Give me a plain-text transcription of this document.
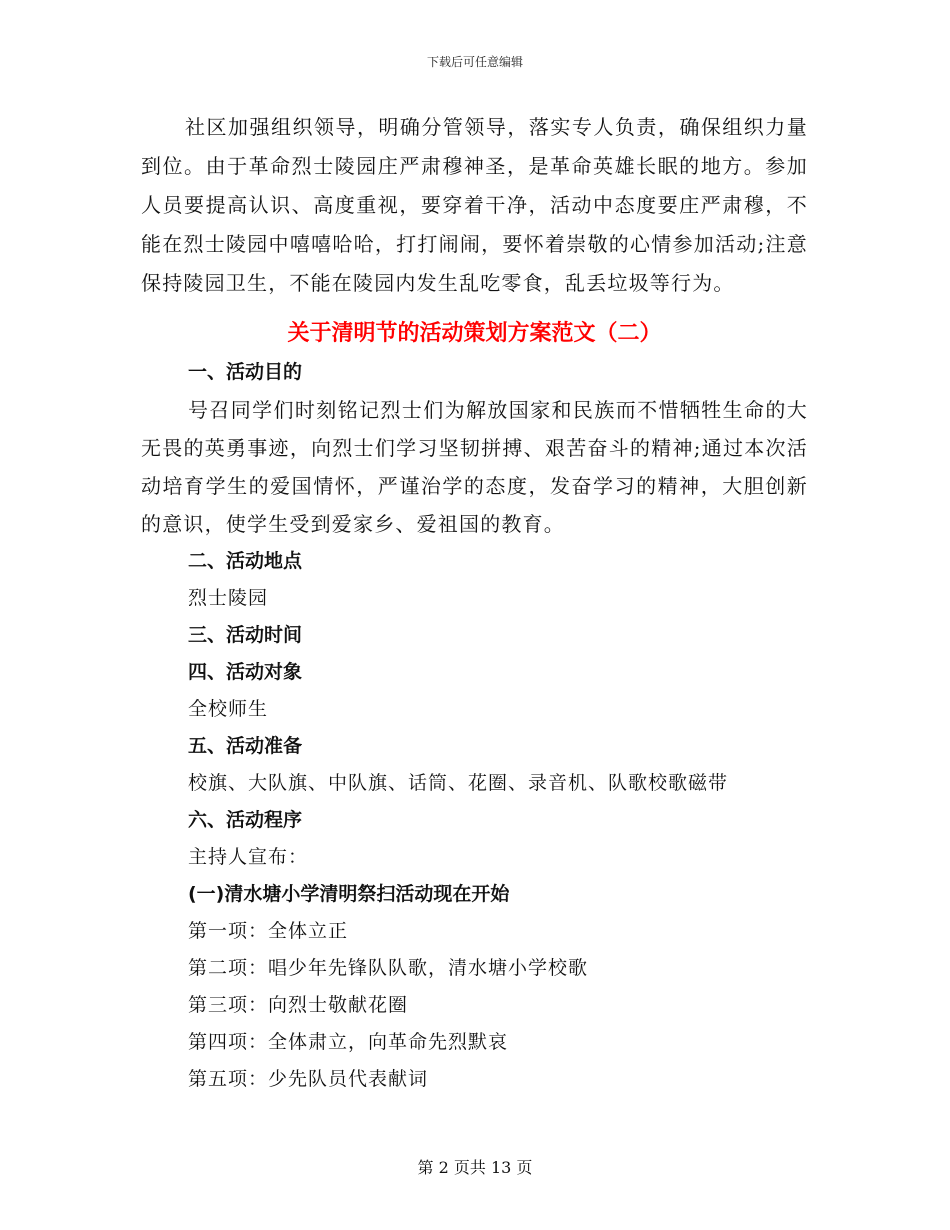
下载后可任意编辑

社区加强组织领导，明确分管领导，落实专人负责，确保组织力量到位。由于革命烈士陵园庄严肃穆神圣，是革命英雄长眠的地方。参加人员要提高认识、高度重视，要穿着干净，活动中态度要庄严肃穆，不能在烈士陵园中嘻嘻哈哈，打打闹闹，要怀着崇敬的心情参加活动;注意保持陵园卫生，不能在陵园内发生乱吃零食，乱丢垃圾等行为。

关于清明节的活动策划方案范文（二）
一、活动目的

号召同学们时刻铭记烈士们为解放国家和民族而不惜牺牲生命的大无畏的英勇事迹，向烈士们学习坚韧拼搏、艰苦奋斗的精神;通过本次活动培育学生的爱国情怀，严谨治学的态度，发奋学习的精神，大胆创新的意识，使学生受到爱家乡、爱祖国的教育。

二、活动地点
烈士陵园
三、活动时间
四、活动对象
全校师生
五、活动准备
校旗、大队旗、中队旗、话筒、花圈、录音机、队歌校歌磁带
六、活动程序
主持人宣布：
(一)清水塘小学清明祭扫活动现在开始
第一项：全体立正
第二项：唱少年先锋队队歌，清水塘小学校歌
第三项：向烈士敬献花圈
第四项：全体肃立，向革命先烈默哀
第五项：少先队员代表献词
第 2 页共 13 页
